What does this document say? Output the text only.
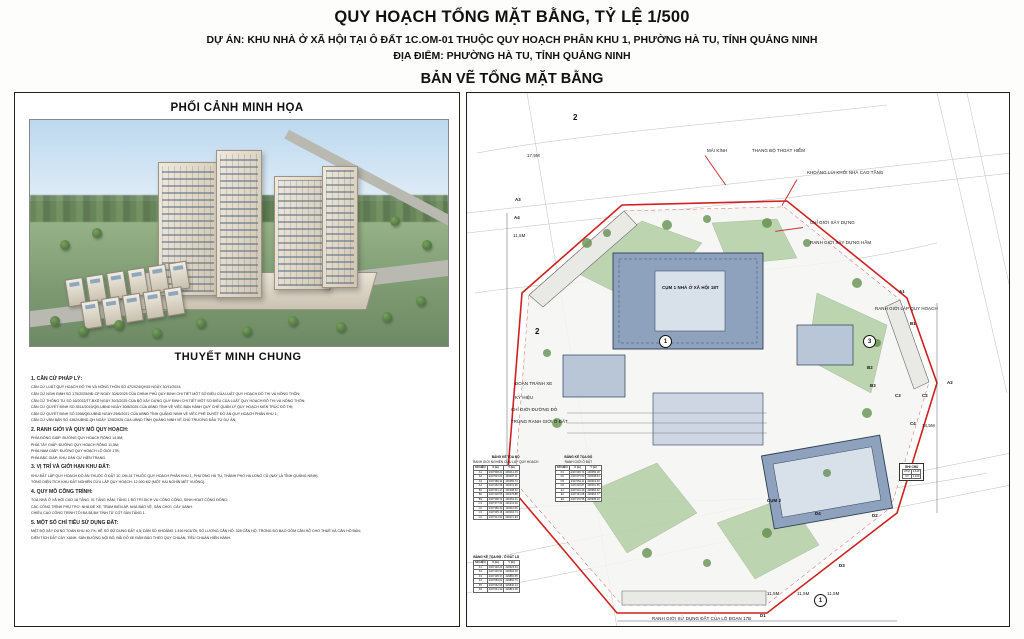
QUY HOẠCH TỔNG MẶT BẰNG, TỶ LỆ 1/500
DỰ ÁN: KHU NHÀ Ở XÃ HỘI TẠI Ô ĐẤT 1C.OM-01 THUỘC QUY HOẠCH PHÂN KHU 1, PHƯỜNG HÀ TU, TỈNH QUẢNG NINH
ĐỊA ĐIỂM: PHƯỜNG HÀ TU, TỈNH QUẢNG NINH
BẢN VẼ TỔNG MẶT BẰNG
PHỐI CẢNH MINH HỌA
THUYẾT MINH CHUNG
1. CĂN CỨ PHÁP LÝ:

CĂN CỨ LUẬT QUY HOẠCH ĐÔ THỊ VÀ NÔNG THÔN SỐ 47/2024/QH15 NGÀY 30/11/2024;

CĂN CỨ NGHỊ ĐỊNH SỐ 175/2025/NĐ-CP NGÀY 30/6/2025 CỦA CHÍNH PHỦ QUY ĐỊNH CHI TIẾT MỘT SỐ ĐIỀU CỦA LUẬT QUY HOẠCH ĐÔ THỊ VÀ NÔNG THÔN;

CĂN CỨ THÔNG TƯ SỐ 16/2022/TT-BXD NGÀY 30/3/2025 CỦA BỘ XÂY DỰNG QUY ĐỊNH CHI TIẾT MỘT SỐ ĐIỀU CỦA LUẬT QUY HOẠCH ĐÔ THỊ VÀ NÔNG THÔN;

CĂN CỨ QUYẾT ĐỊNH SỐ 3514/2019/QĐ-UBND NGÀY 30/8/2025 CỦA UBND TỈNH VỀ VIỆC BAN HÀNH QUY CHẾ QUẢN LÝ QUY HOẠCH KIẾN TRÚC ĐÔ THỊ;

CĂN CỨ QUYẾT ĐỊNH SỐ 2268/QĐ-UBND NGÀY 29/6/2021 CỦA UBND TỈNH QUẢNG NINH VỀ VIỆC PHÊ DUYỆT ĐỒ ÁN QUY HOẠCH PHÂN KHU 1;

CĂN CỨ VĂN BẢN SỐ 4362/UBND-QH NGÀY 12/8/2025 CỦA UBND TỈNH QUẢNG NINH VỀ CHỦ TRƯƠNG ĐẦU TƯ DỰ ÁN;

2. RANH GIỚI VÀ QUY MÔ QUY HOẠCH:

PHÍA ĐÔNG GIÁP: ĐƯỜNG QUY HOẠCH RỘNG 14,5M;

PHÍA TÂY GIÁP: ĐƯỜNG QUY HOẠCH RỘNG 11,5M;

PHÍA NAM GIÁP: ĐƯỜNG QUY HOẠCH LỘ GIỚI 17B;

PHÍA BẮC GIÁP: KHU DÂN CƯ HIỆN TRẠNG.

3. VỊ TRÍ VÀ GIỚI HẠN KHU ĐẤT:

KHU ĐẤT LẬP QUY HOẠCH ĐỒ ÁN THUỘC Ô ĐẤT 1C.OM-01 THUỘC QUY HOẠCH PHÂN KHU 1, PHƯỜNG HÀ TU, THÀNH PHỐ HẠ LONG CŨ (NAY LÀ TỈNH QUẢNG NINH);

TỔNG DIỆN TÍCH KHU ĐẤT NGHIÊN CỨU LẬP QUY HOẠCH: 12.000 M2 (MỘT HAI NGHÌN MÉT VUÔNG).

4. QUY MÔ CÔNG TRÌNH:

TOÀ NHÀ Ở XÃ HỘI CAO 18 TẦNG, 01 TẦNG HẦM; TẦNG 1 BỐ TRÍ DỊCH VỤ CÔNG CỘNG, SINH HOẠT CỘNG ĐỒNG;

CÁC CÔNG TRÌNH PHỤ TRỢ: NHÀ ĐỂ XE, TRẠM BIẾN ÁP, NHÀ BẢO VỆ, SÂN CHƠI, CÂY XANH.

CHIỀU CAO CÔNG TRÌNH TỐI ĐA 58,5M TÍNH TỪ CỐT SÀN TẦNG 1.

5. MỘT SỐ CHỈ TIÊU SỬ DỤNG ĐẤT:

MẬT ĐỘ XÂY DỰNG TOÀN KHU 40,7%; HỆ SỐ SỬ DỤNG ĐẤT 4,5; DÂN SỐ KHOẢNG 1.416 NGƯỜI; SỐ LƯỢNG CĂN HỘ: 328 CĂN HỘ; TRONG ĐÓ BAO GỒM CĂN HỘ CHO THUÊ VÀ CĂN HỘ BÁN;

DIỆN TÍCH ĐẤT CÂY XANH, SÂN ĐƯỜNG NỘI BỘ, BÃI ĐỖ XE ĐẢM BẢO THEO QUY CHUẨN, TIÊU CHUẨN HIỆN HÀNH.

MÁI KÍNH	THANG BỘ THOÁT HIỂM
KHOẢNG LÙI KHỐI NHÀ CAO TẦNG
CHỈ GIỚI XÂY DỰNG
RANH GIỚI XÂY DỰNG HẦM
RANH GIỚI LẬP QUY HOẠCH
ĐOẠN TRÁNH XE
KÝ HIỆU
CHỈ GIỚI ĐƯỜNG ĐỎ
TRÙNG RANH GIỚI Ô ĐẤT
RANH GIỚI SỬ DỤNG ĐẤT CỦA LÔ ĐOẠN 17B
CỤM 1 NHÀ Ở XÃ HỘI 18T
CỤM 2
11,5M
14,5M
17,5M
11,5M	11,5M	11,5M
B1
B2
B3
C4
C3	C2
A2
A1
A3
A4
D1
D2
D4
D3
1
1
3
2
2
BẢNG KÊ TỌA ĐỘ
RANH GIỚI NGHIÊN CỨU LẬP QUY HOẠCH
SỐ HIỆU	X (m)	Y (m)
A1	2327538.21	430212.45
A2	2327515.63	430287.11
A3	2327489.44	430255.73
A4	2327462.08	430231.96
B1	2327441.17	430198.32
B2	2327420.55	430176.88
B3	2327398.74	430152.41
C1	2327377.62	430131.09
C2	2327356.30	430110.55
C3	2327335.18	430092.74
C4	2327314.92	430071.33
BẢNG KÊ TỌA ĐỘ
RANH GIỚI Ô ĐẤT
SỐ HIỆU	X (m)	Y (m)
D1	2327296.74	430055.18
D2	2327275.50	430038.64
D3	2327254.11	430019.30
D4	2327233.87	430001.55
E1	2327212.40	429984.22
E2	2327191.08	429963.77
E3	2327170.55	429945.10
BẢNG KÊ TỌA ĐỘ - Ô ĐẤT LÔ
SỐ HIỆU	X (m)	Y (m)
K1	2327148.22	429923.64
K2	2327126.91	429902.18
K3	2327105.37	429881.55
K4	2327084.02	429860.79
K5	2327062.66	429840.14
K6	2327041.30	429819.48
GHI CHÚ
OTM	2.440
CX	1.230
